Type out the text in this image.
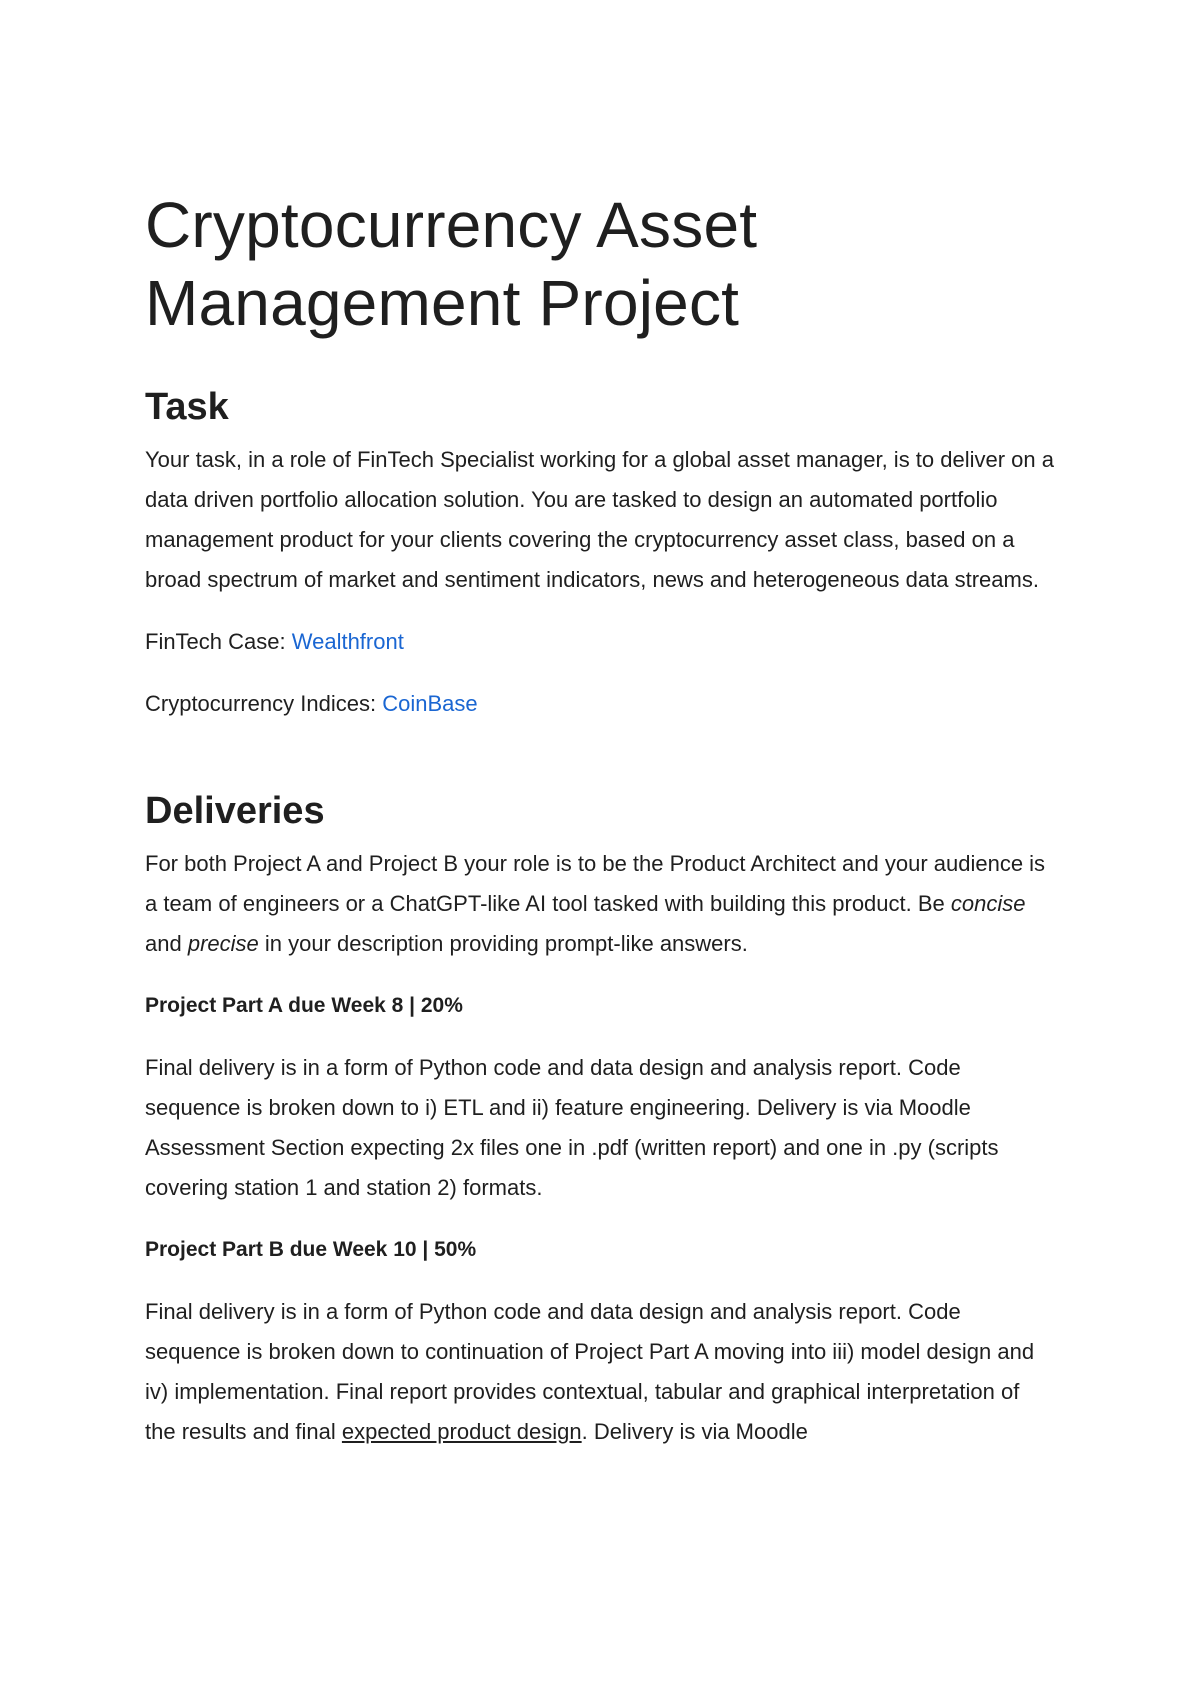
Cryptocurrency Asset
Management Project
Task

Your task, in a role of FinTech Specialist working for a global asset manager, is to deliver on a data driven portfolio allocation solution. You are tasked to design an automated portfolio management product for your clients covering the cryptocurrency asset class, based on a broad spectrum of market and sentiment indicators, news and heterogeneous data streams.

FinTech Case: Wealthfront

Cryptocurrency Indices: CoinBase

Deliveries

For both Project A and Project B your role is to be the Product Architect and your audience is a team of engineers or a ChatGPT-like AI tool tasked with building this product. Be concise and precise in your description providing prompt-like answers.

Project Part A due Week 8 | 20%

Final delivery is in a form of Python code and data design and analysis report. Code sequence is broken down to i) ETL and ii) feature engineering. Delivery is via Moodle Assessment Section expecting 2x files one in .pdf (written report) and one in .py (scripts covering station 1 and station 2) formats.

Project Part B due Week 10 | 50%

Final delivery is in a form of Python code and data design and analysis report. Code sequence is broken down to continuation of Project Part A moving into iii) model design and iv) implementation. Final report provides contextual, tabular and graphical interpretation of the results and final expected product design. Delivery is via Moodle
